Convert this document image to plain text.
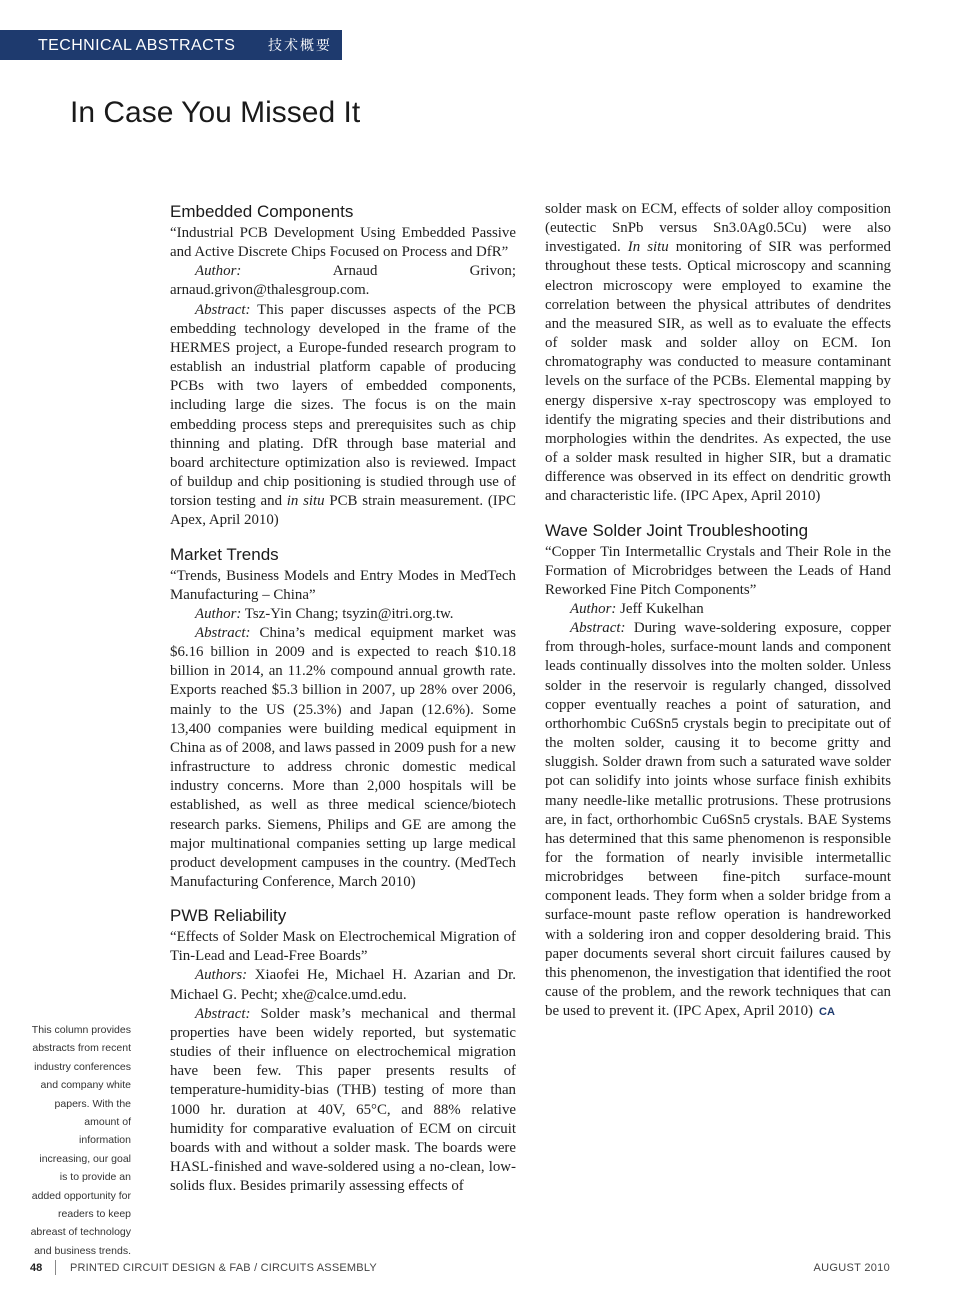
TECHNICAL ABSTRACTS 技术概要
In Case You Missed It
Embedded Components

“Industrial PCB Development Using Embedded Passive and Active Discrete Chips Focused on Process and DfR”

Author:	Arnaud Grivon; arnaud.grivon@thalesgroup.com.

Abstract: This paper discusses aspects of the PCB embedding technology developed in the frame of the HERMES project, a Europe-funded research program to establish an industrial platform capable of producing PCBs with two layers of embedded components, including large die sizes. The focus is on the main embedding process steps and prerequisites such as chip thinning and plating. DfR through base material and board architecture optimization also is reviewed. Impact of buildup and chip positioning is studied through use of torsion testing and in situ PCB strain measurement. (IPC Apex, April 2010)

Market Trends

“Trends, Business Models and Entry Modes in MedTech Manufacturing – China”

Author: Tsz-Yin Chang; tsyzin@itri.org.tw.

Abstract: China’s medical equipment market was $6.16 billion in 2009 and is expected to reach $10.18 billion in 2014, an 11.2% compound annual growth rate. Exports reached $5.3 billion in 2007, up 28% over 2006, mainly to the US (25.3%) and Japan (12.6%). Some 13,400 companies were building medical equipment in China as of 2008, and laws passed in 2009 push for a new infrastructure to address chronic domestic medical industry concerns. More than 2,000 hospitals will be established, as well as three medical science/biotech research parks. Siemens, Philips and GE are among the major multinational companies setting up large medical product development campuses in the country. (MedTech Manufacturing Conference, March 2010)

PWB Reliability

“Effects of Solder Mask on Electrochemical Migration of Tin-Lead and Lead-Free Boards”

Authors: Xiaofei He, Michael H. Azarian and Dr. Michael G. Pecht; xhe@calce.umd.edu.

Abstract: Solder mask’s mechanical and thermal properties have been widely reported, but systematic studies of their influence on electrochemical migration have been few. This paper presents results of temperature-humidity-bias (THB) testing of more than 1000 hr. duration at 40V, 65°C, and 88% relative humidity for comparative evaluation of ECM on circuit boards with and without a solder mask. The boards were HASL-finished and wave-soldered using a no-clean, low-solids flux. Besides primarily assessing effects of

solder mask on ECM, effects of solder alloy composition (eutectic SnPb versus Sn3.0Ag0.5Cu) were also investigated. In situ monitoring of SIR was performed throughout these tests. Optical microscopy and scanning electron microscopy were employed to examine the correlation between the physical attributes of dendrites and the measured SIR, as well as to evaluate the effects of solder mask and solder alloy on ECM. Ion chromatography was conducted to measure contaminant levels on the surface of the PCBs. Elemental mapping by energy dispersive x-ray spectroscopy was employed to identify the migrating species and their distributions and morphologies within the dendrites. As expected, the use of a solder mask resulted in higher SIR, but a dramatic difference was observed in its effect on dendritic growth and characteristic life. (IPC Apex, April 2010)

Wave Solder Joint Troubleshooting

“Copper Tin Intermetallic Crystals and Their Role in the Formation of Microbridges between the Leads of Hand Reworked Fine Pitch Components”

Author: Jeff Kukelhan

Abstract: During wave-soldering exposure, copper from through-holes, surface-mount lands and component leads continually dissolves into the molten solder. Unless solder in the reservoir is regularly changed, dissolved copper eventually reaches a point of saturation, and orthorhombic Cu6Sn5 crystals begin to precipitate out of the molten solder, causing it to become gritty and sluggish. Solder drawn from such a saturated wave solder pot can solidify into joints whose surface finish exhibits many needle-like metallic protrusions. These protrusions are, in fact, orthorhombic Cu6Sn5 crystals. BAE Systems has determined that this same phenomenon is responsible for the formation of nearly invisible intermetallic microbridges between fine-pitch surface-mount component leads. They form when a solder bridge from a surface-mount paste reflow operation is handreworked with a soldering iron and copper desoldering braid. This paper documents several short circuit failures caused by this phenomenon, the investigation that identified the root cause of the problem, and the rework techniques that can be used to prevent it. (IPC Apex, April 2010) CA

This column provides abstracts from recent industry conferences and company white papers. With the amount of information increasing, our goal is to provide an added opportunity for readers to keep abreast of technology and business trends.
48	PRINTED CIRCUIT DESIGN & FAB / CIRCUITS ASSEMBLY	AUGUST 2010
